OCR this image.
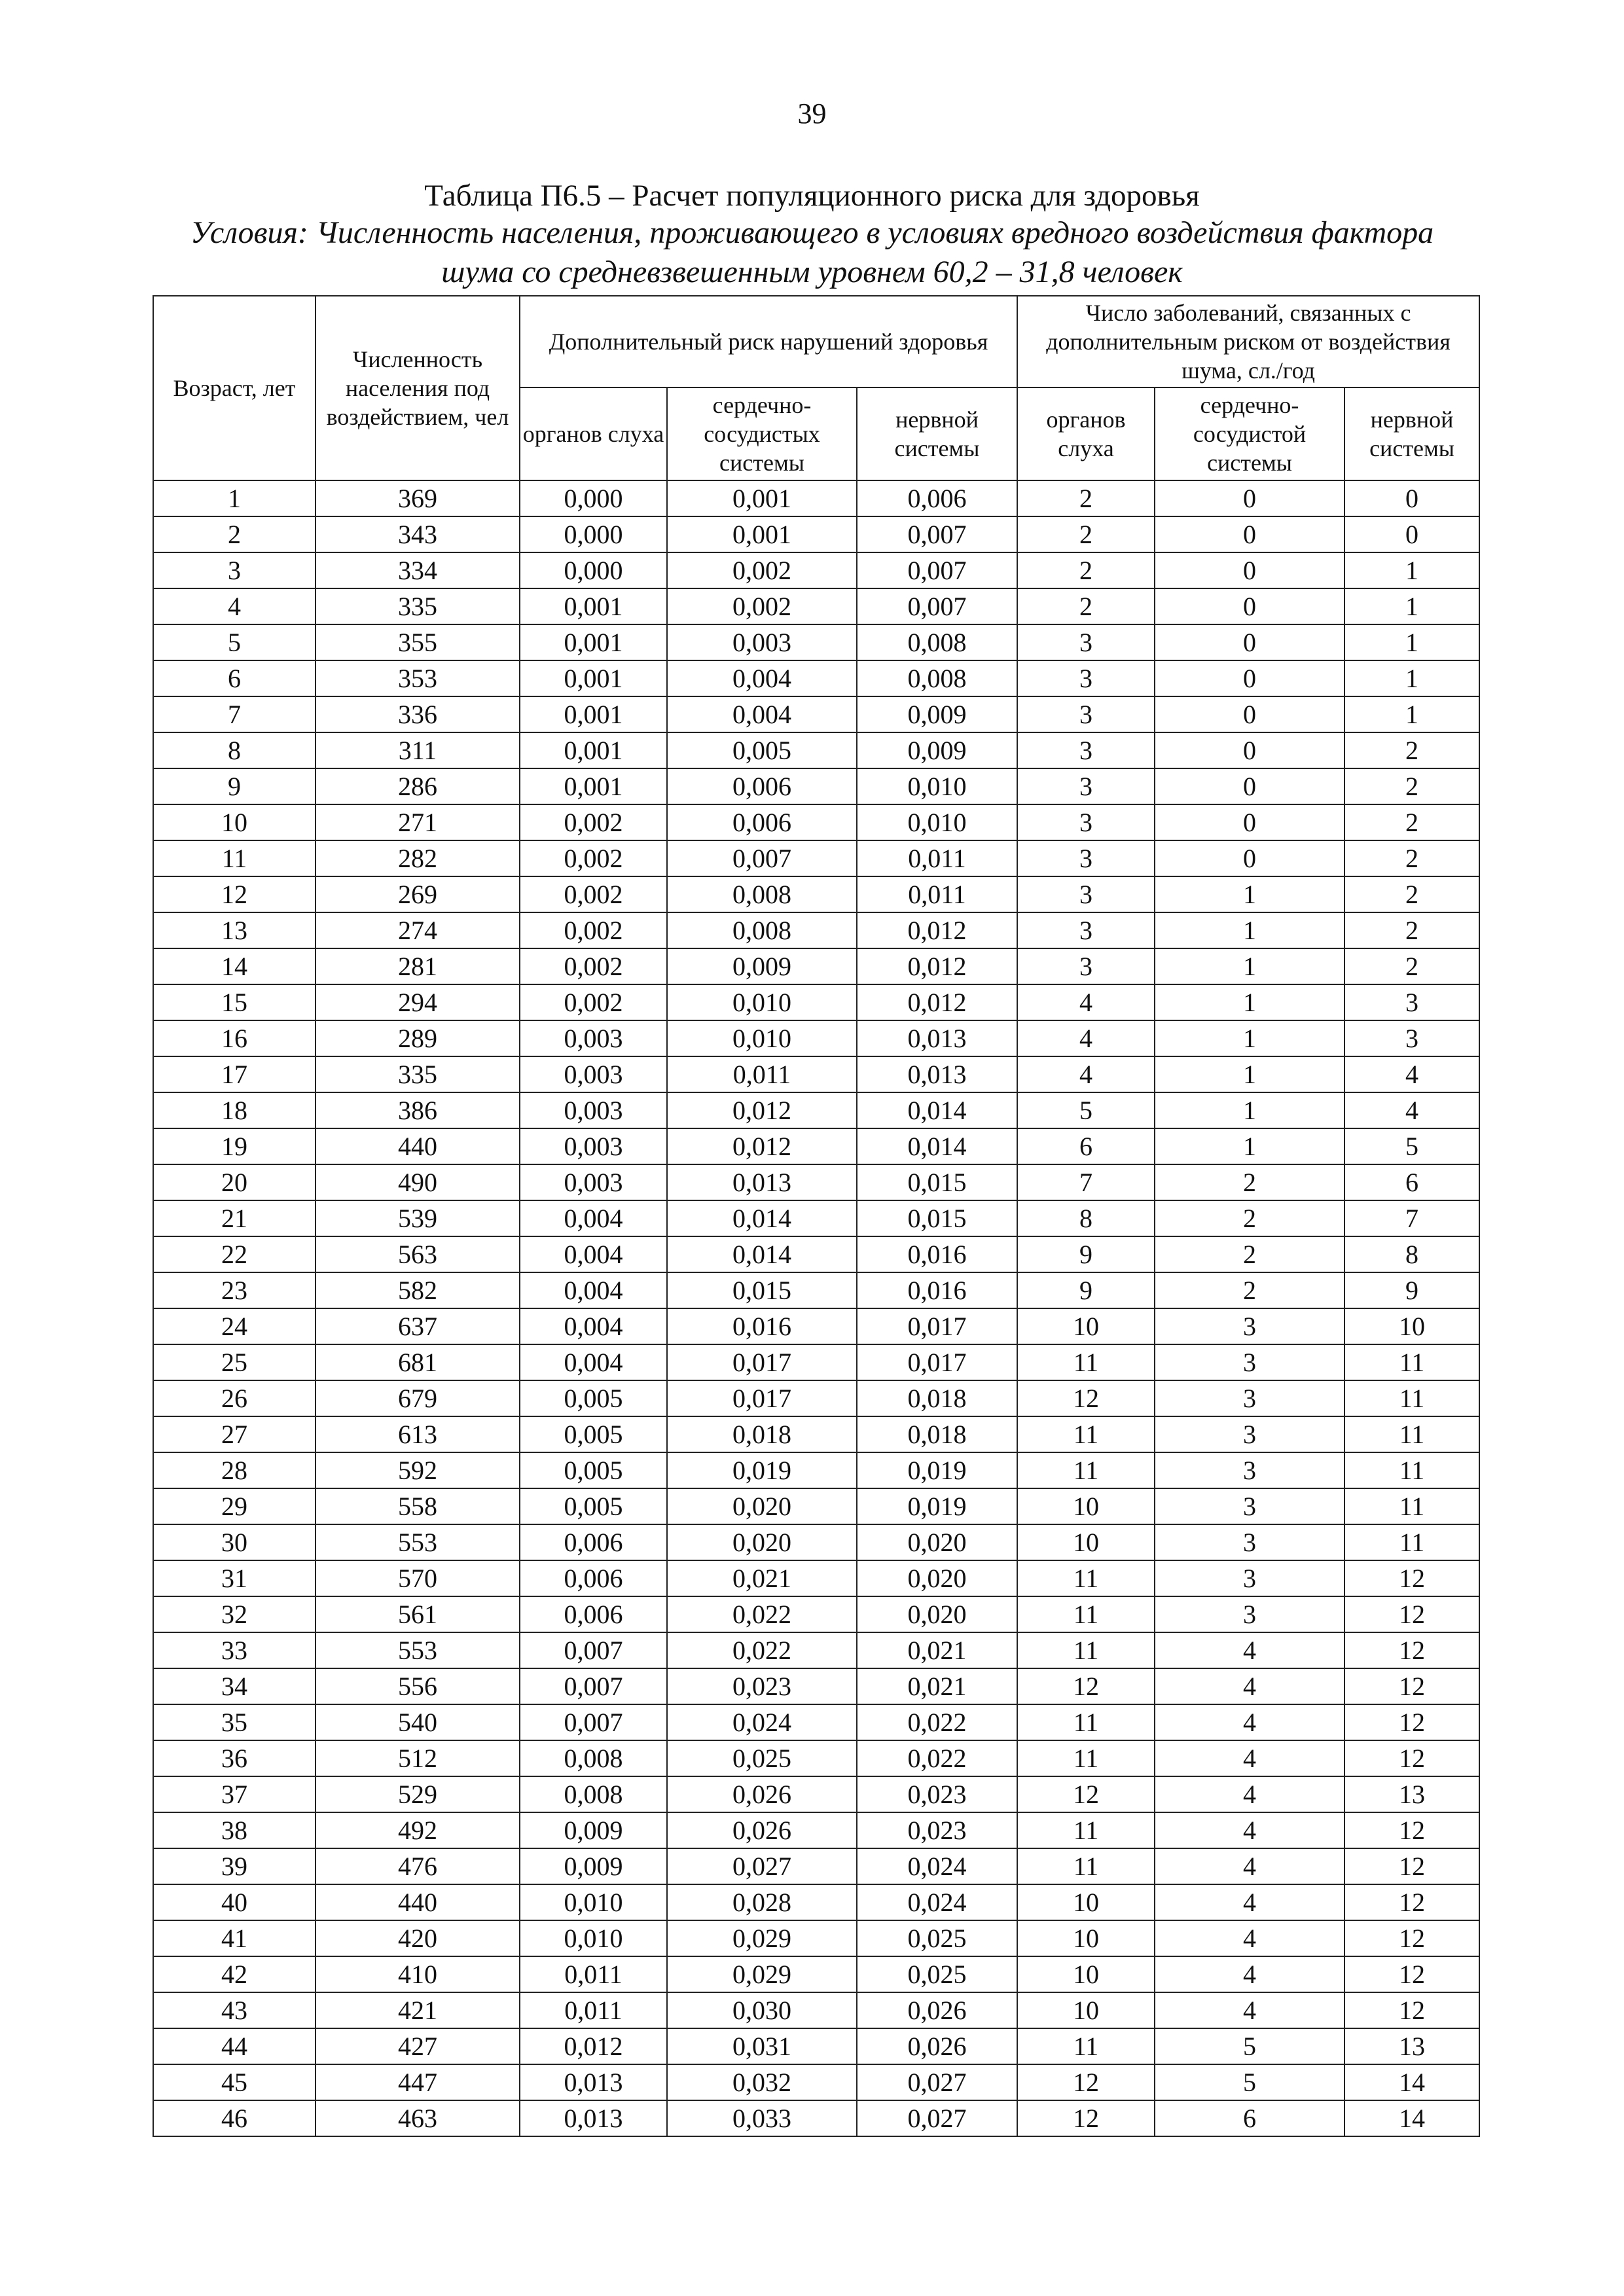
39
Таблица П6.5 – Расчет популяционного риска для здоровья
Условия: Численность населения, проживающего в условиях вредного воздействия фактора шума со средневзвешенным уровнем 60,2 – 31,8 человек
Возраст, лет	Численность населения под воздействием, чел	Дополнительный риск нарушений здоровья			Число заболеваний, связанных с дополнительным риском от воздействия шума, сл./год		
		органов слуха	сердечно-сосудистых системы	нервной системы	органов слуха	сердечно-сосудистой системы	нервной системы
1	369	0,000	0,001	0,006	2	0	0
2	343	0,000	0,001	0,007	2	0	0
3	334	0,000	0,002	0,007	2	0	1
4	335	0,001	0,002	0,007	2	0	1
5	355	0,001	0,003	0,008	3	0	1
6	353	0,001	0,004	0,008	3	0	1
7	336	0,001	0,004	0,009	3	0	1
8	311	0,001	0,005	0,009	3	0	2
9	286	0,001	0,006	0,010	3	0	2
10	271	0,002	0,006	0,010	3	0	2
11	282	0,002	0,007	0,011	3	0	2
12	269	0,002	0,008	0,011	3	1	2
13	274	0,002	0,008	0,012	3	1	2
14	281	0,002	0,009	0,012	3	1	2
15	294	0,002	0,010	0,012	4	1	3
16	289	0,003	0,010	0,013	4	1	3
17	335	0,003	0,011	0,013	4	1	4
18	386	0,003	0,012	0,014	5	1	4
19	440	0,003	0,012	0,014	6	1	5
20	490	0,003	0,013	0,015	7	2	6
21	539	0,004	0,014	0,015	8	2	7
22	563	0,004	0,014	0,016	9	2	8
23	582	0,004	0,015	0,016	9	2	9
24	637	0,004	0,016	0,017	10	3	10
25	681	0,004	0,017	0,017	11	3	11
26	679	0,005	0,017	0,018	12	3	11
27	613	0,005	0,018	0,018	11	3	11
28	592	0,005	0,019	0,019	11	3	11
29	558	0,005	0,020	0,019	10	3	11
30	553	0,006	0,020	0,020	10	3	11
31	570	0,006	0,021	0,020	11	3	12
32	561	0,006	0,022	0,020	11	3	12
33	553	0,007	0,022	0,021	11	4	12
34	556	0,007	0,023	0,021	12	4	12
35	540	0,007	0,024	0,022	11	4	12
36	512	0,008	0,025	0,022	11	4	12
37	529	0,008	0,026	0,023	12	4	13
38	492	0,009	0,026	0,023	11	4	12
39	476	0,009	0,027	0,024	11	4	12
40	440	0,010	0,028	0,024	10	4	12
41	420	0,010	0,029	0,025	10	4	12
42	410	0,011	0,029	0,025	10	4	12
43	421	0,011	0,030	0,026	10	4	12
44	427	0,012	0,031	0,026	11	5	13
45	447	0,013	0,032	0,027	12	5	14
46	463	0,013	0,033	0,027	12	6	14
